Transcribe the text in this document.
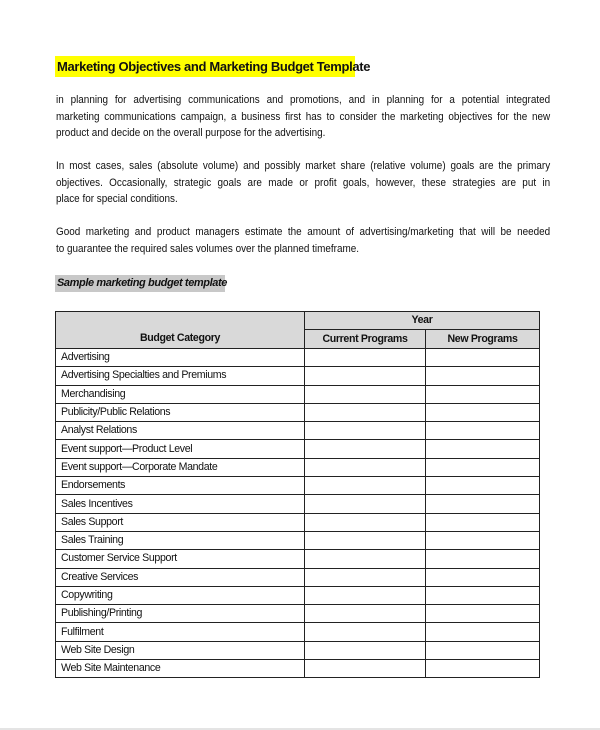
Marketing Objectives and Marketing Budget Template
in planning for advertising communications and promotions, and in planning for a potential integrated
marketing communications campaign, a business first has to consider the marketing objectives for the new
product and decide on the overall purpose for the advertising.
In most cases, sales (absolute volume) and possibly market share (relative volume) goals are the primary
objectives. Occasionally, strategic goals are made or profit goals, however, these strategies are put in
place for special conditions.
Good marketing and product managers estimate the amount of advertising/marketing that will be needed
to guarantee the required sales volumes over the planned timeframe.
Sample marketing budget template
	Year	
Budget Category	Current Programs	New Programs
Advertising		
Advertising Specialties and Premiums		
Merchandising		
Publicity/Public Relations		
Analyst Relations		
Event support—Product Level		
Event support—Corporate Mandate		
Endorsements		
Sales Incentives		
Sales Support		
Sales Training		
Customer Service Support		
Creative Services		
Copywriting		
Publishing/Printing		
Fulfilment		
Web Site Design		
Web Site Maintenance		
